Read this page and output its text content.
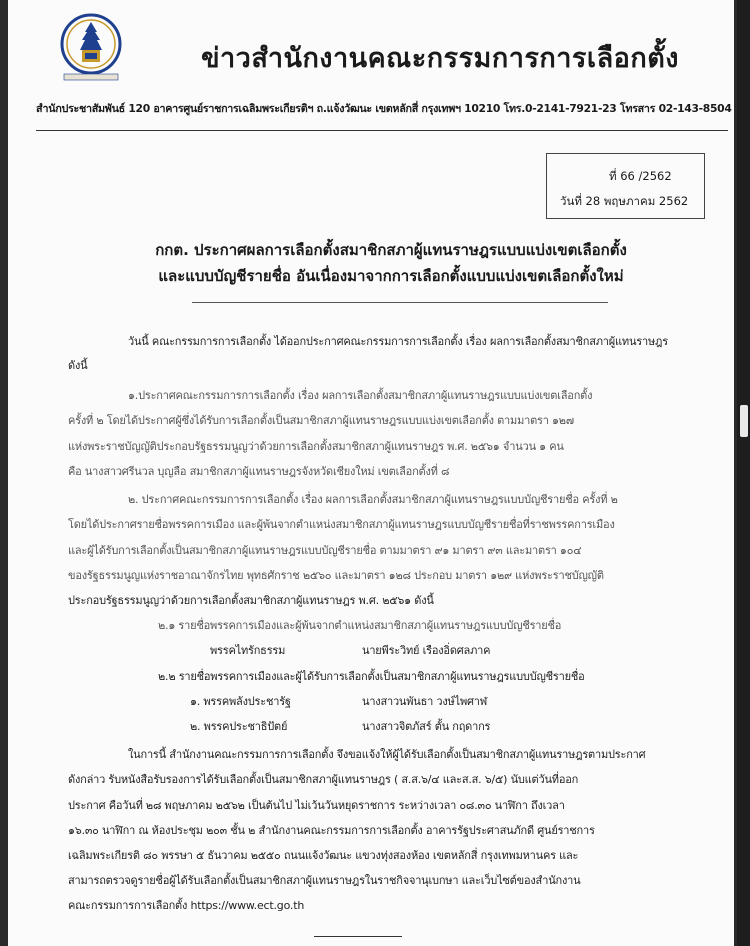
ข่าวสำนักงานคณะกรรมการการเลือกตั้ง
สำนักประชาสัมพันธ์ 120 อาคารศูนย์ราชการเฉลิมพระเกียรติฯ ถ.แจ้งวัฒนะ เขตหลักสี่ กรุงเทพฯ 10210 โทร.0-2141-7921-23 โทรสาร 02-143-8504
ที่ 66 /2562
วันที่ 28 พฤษภาคม 2562
กกต. ประกาศผลการเลือกตั้งสมาชิกสภาผู้แทนราษฎรแบบแบ่งเขตเลือกตั้ง
และแบบบัญชีรายชื่อ อันเนื่องมาจากการเลือกตั้งแบบแบ่งเขตเลือกตั้งใหม่
วันนี้ คณะกรรมการการเลือกตั้ง ได้ออกประกาศคณะกรรมการการเลือกตั้ง เรื่อง ผลการเลือกตั้งสมาชิกสภาผู้แทนราษฎร
ดังนี้
๑.ประกาศคณะกรรมการการเลือกตั้ง เรื่อง ผลการเลือกตั้งสมาชิกสภาผู้แทนราษฎรแบบแบ่งเขตเลือกตั้ง
ครั้งที่ ๒ โดยได้ประกาศผู้ซึ่งได้รับการเลือกตั้งเป็นสมาชิกสภาผู้แทนราษฎรแบบแบ่งเขตเลือกตั้ง ตามมาตรา ๑๒๗
แห่งพระราชบัญญัติประกอบรัฐธรรมนูญว่าด้วยการเลือกตั้งสมาชิกสภาผู้แทนราษฎร พ.ศ. ๒๕๖๑ จำนวน ๑ คน
คือ นางสาวศรีนวล บุญลือ สมาชิกสภาผู้แทนราษฎรจังหวัดเชียงใหม่ เขตเลือกตั้งที่ ๘
๒. ประกาศคณะกรรมการการเลือกตั้ง เรื่อง ผลการเลือกตั้งสมาชิกสภาผู้แทนราษฎรแบบบัญชีรายชื่อ ครั้งที่ ๒
โดยได้ประกาศรายชื่อพรรคการเมือง และผู้พ้นจากตำแหน่งสมาชิกสภาผู้แทนราษฎรแบบบัญชีรายชื่อที่ราชพรรคการเมือง
และผู้ได้รับการเลือกตั้งเป็นสมาชิกสภาผู้แทนราษฎรแบบบัญชีรายชื่อ ตามมาตรา ๙๑ มาตรา ๙๓ และมาตรา ๑๐๔
ของรัฐธรรมนูญแห่งราชอาณาจักรไทย พุทธศักราช ๒๕๖๐ และมาตรา ๑๒๘ ประกอบ มาตรา ๑๒๙ แห่งพระราชบัญญัติ
ประกอบรัฐธรรมนูญว่าด้วยการเลือกตั้งสมาชิกสภาผู้แทนราษฎร พ.ศ. ๒๕๖๑ ดังนี้
๒.๑ รายชื่อพรรคการเมืองและผู้พ้นจากตำแหน่งสมาชิกสภาผู้แทนราษฎรแบบบัญชีรายชื่อ
พรรคไทรักธรรม	นายพีระวิทย์ เรืองอิ่ดศลภาค
๒.๒ รายชื่อพรรคการเมืองและผู้ได้รับการเลือกตั้งเป็นสมาชิกสภาผู้แทนราษฎรแบบบัญชีรายชื่อ
๑. พรรคพลังประชารัฐ	นางสาวนพันธา วงษ์ไพศาฬ
๒. พรรคประชาธิปัตย์	นางสาวจิตภัสร์ ตั้น กฤดากร
ในการนี้ สำนักงานคณะกรรมการการเลือกตั้ง จึงขอแจ้งให้ผู้ได้รับเลือกตั้งเป็นสมาชิกสภาผู้แทนราษฎรตามประกาศ
ดังกล่าว รับหนังสือรับรองการได้รับเลือกตั้งเป็นสมาชิกสภาผู้แทนราษฎร ( ส.ส.๖/๔ และส.ส. ๖/๕) นับแต่วันที่ออก
ประกาศ คือวันที่ ๒๘ พฤษภาคม ๒๕๖๒ เป็นต้นไป ไม่เว้นวันหยุดราชการ ระหว่างเวลา ๐๘.๓๐ นาฬิกา ถึงเวลา
๑๖.๓๐ นาฬิกา ณ ห้องประชุม ๒๐๓ ชั้น ๒ สำนักงานคณะกรรมการการเลือกตั้ง อาคารรัฐประศาสนภักดี ศูนย์ราชการ
เฉลิมพระเกียรติ ๘๐ พรรษา ๕ ธันวาคม ๒๕๕๐ ถนนแจ้งวัฒนะ แขวงทุ่งสองห้อง เขตหลักสี่ กรุงเทพมหานคร และ
สามารถตรวจดูรายชื่อผู้ได้รับเลือกตั้งเป็นสมาชิกสภาผู้แทนราษฎรในราชกิจจานุเบกษา และเว็บไซต์ของสำนักงาน
คณะกรรมการการเลือกตั้ง https://www.ect.go.th
